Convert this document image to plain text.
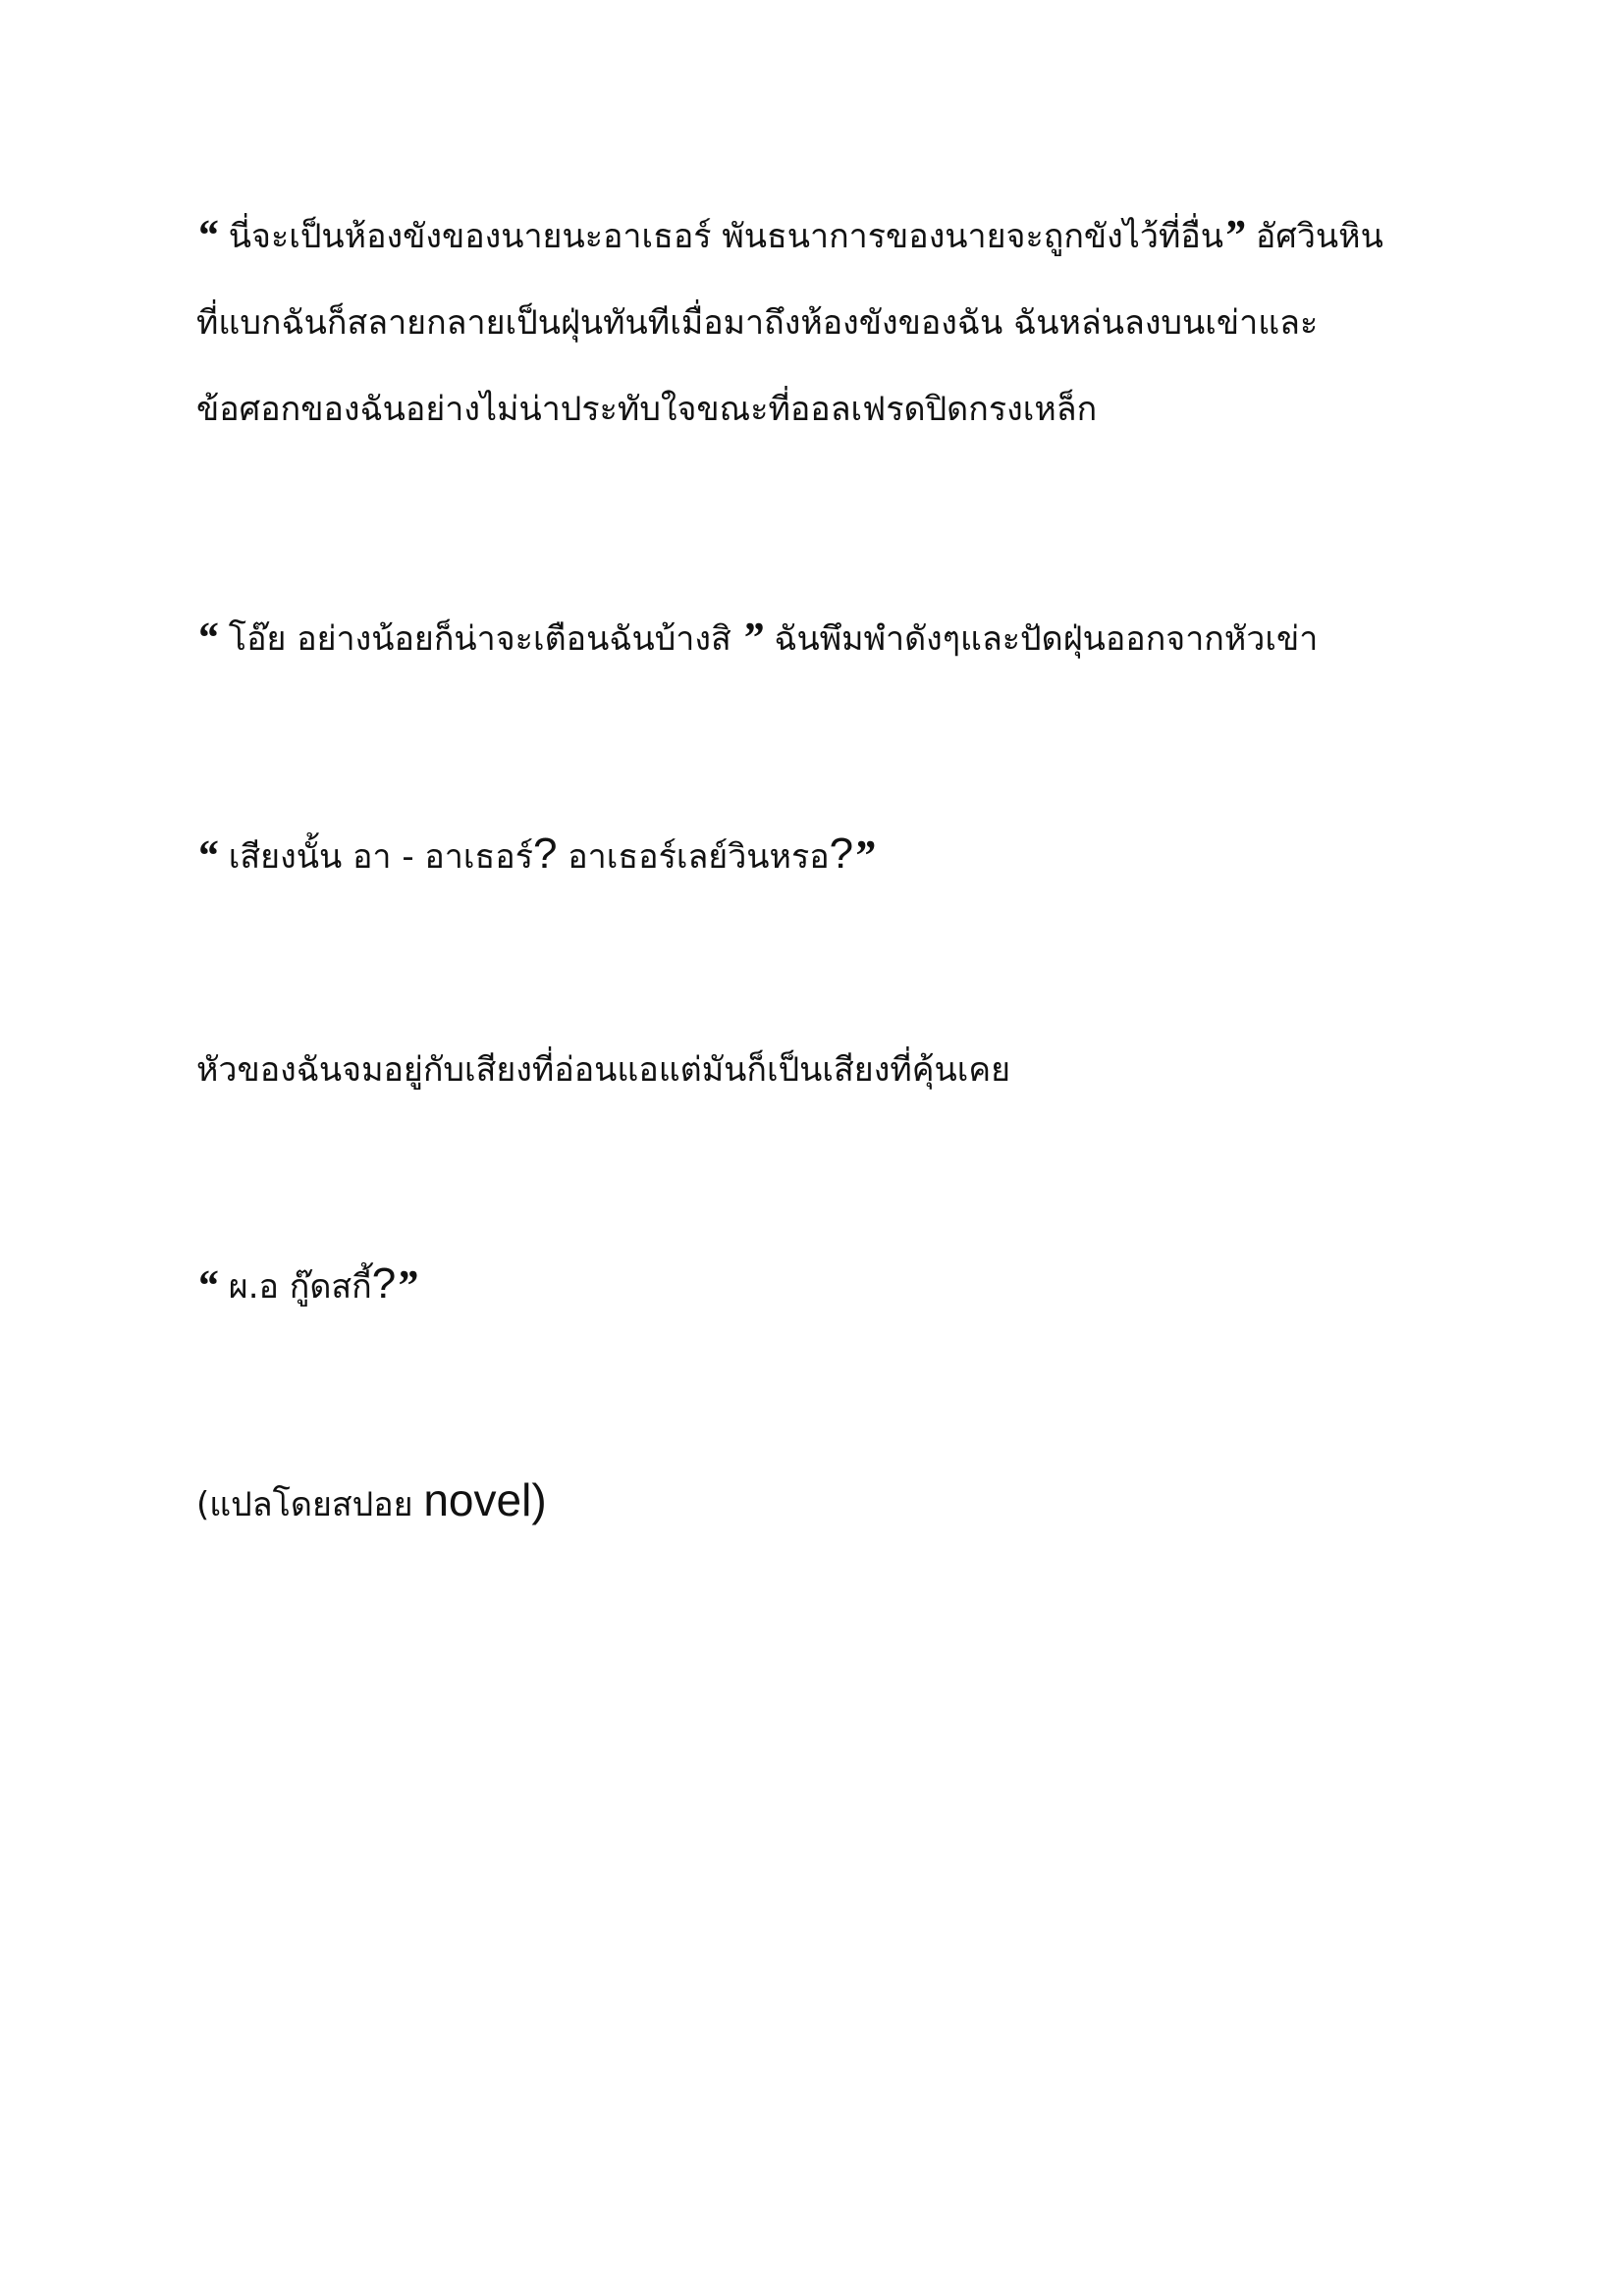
“ นี่จะเป็นห้องขังของนายนะอาเธอร์ พันธนาการของนายจะถูกขังไว้ที่อื่น” อัศวินหิน
ที่แบกฉันก็สลายกลายเป็นฝุ่นทันทีเมื่อมาถึงห้องขังของฉัน ฉันหล่นลงบนเข่าและ
ข้อศอกของฉันอย่างไม่น่าประทับใจขณะที่ออลเฟรดปิดกรงเหล็ก

“ โอ๊ย อย่างน้อยก็น่าจะเตือนฉันบ้างสิ ” ฉันพึมพำดังๆและปัดฝุ่นออกจากหัวเข่า

“ เสียงนั้น อา - อาเธอร์? อาเธอร์เลย์วินหรอ?”

หัวของฉันจมอยู่กับเสียงที่อ่อนแอแต่มันก็เป็นเสียงที่คุ้นเคย

“ ผ.อ กู๊ดสกี้?”

(แปลโดยสปอย novel)
